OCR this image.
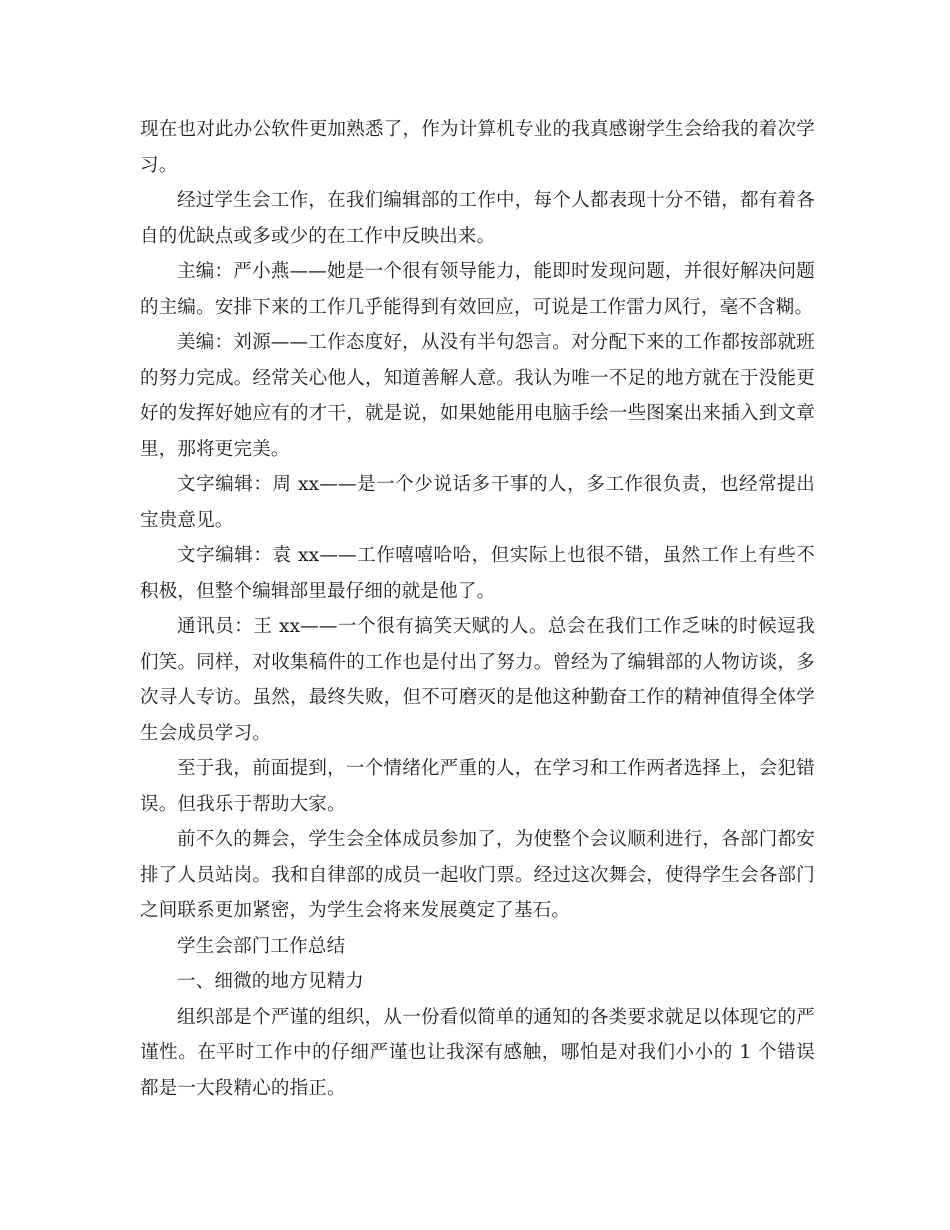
现在也对此办公软件更加熟悉了，作为计算机专业的我真感谢学生会给我的着次学习。

经过学生会工作，在我们编辑部的工作中，每个人都表现十分不错，都有着各自的优缺点或多或少的在工作中反映出来。

主编：严小燕——她是一个很有领导能力，能即时发现问题，并很好解决问题的主编。安排下来的工作几乎能得到有效回应，可说是工作雷力风行，毫不含糊。

美编：刘源——工作态度好，从没有半句怨言。对分配下来的工作都按部就班的努力完成。经常关心他人，知道善解人意。我认为唯一不足的地方就在于没能更好的发挥好她应有的才干，就是说，如果她能用电脑手绘一些图案出来插入到文章里，那将更完美。

文字编辑：周 xx——是一个少说话多干事的人，多工作很负责，也经常提出宝贵意见。

文字编辑：袁 xx——工作嘻嘻哈哈，但实际上也很不错，虽然工作上有些不积极，但整个编辑部里最仔细的就是他了。

通讯员：王 xx——一个很有搞笑天赋的人。总会在我们工作乏味的时候逗我们笑。同样，对收集稿件的工作也是付出了努力。曾经为了编辑部的人物访谈，多次寻人专访。虽然，最终失败，但不可磨灭的是他这种勤奋工作的精神值得全体学生会成员学习。

至于我，前面提到，一个情绪化严重的人，在学习和工作两者选择上，会犯错误。但我乐于帮助大家。

前不久的舞会，学生会全体成员参加了，为使整个会议顺利进行，各部门都安排了人员站岗。我和自律部的成员一起收门票。经过这次舞会，使得学生会各部门之间联系更加紧密，为学生会将来发展奠定了基石。

学生会部门工作总结

一、细微的地方见精力

组织部是个严谨的组织，从一份看似简单的通知的各类要求就足以体现它的严谨性。在平时工作中的仔细严谨也让我深有感触，哪怕是对我们小小的 1 个错误都是一大段精心的指正。
